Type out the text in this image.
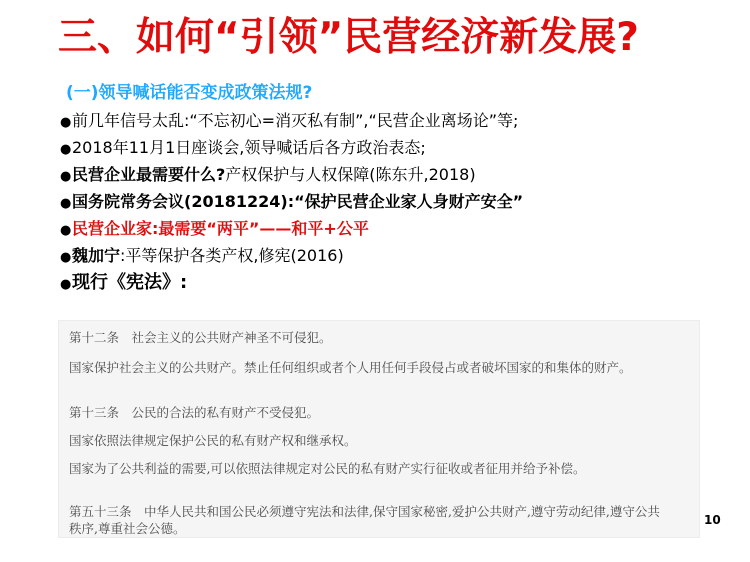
三、如何“引领”民营经济新发展?
(一)领导喊话能否变成政策法规?
●前几年信号太乱:“不忘初心=消灭私有制”,“民营企业离场论”等;
●2018年11月1日座谈会,领导喊话后各方政治表态;
●民营企业最需要什么?产权保护与人权保障(陈东升,2018)
●国务院常务会议(20181224):“保护民营企业家人身财产安全”
●民营企业家:最需要“两平”——和平+公平
●魏加宁:平等保护各类产权,修宪(2016)
●现行《宪法》:

第十二条　社会主义的公共财产神圣不可侵犯。

国家保护社会主义的公共财产。禁止任何组织或者个人用任何手段侵占或者破坏国家的和集体的财产。

第十三条　公民的合法的私有财产不受侵犯。

国家依照法律规定保护公民的私有财产权和继承权。

国家为了公共利益的需要,可以依照法律规定对公民的私有财产实行征收或者征用并给予补偿。

第五十三条　中华人民共和国公民必须遵守宪法和法律,保守国家秘密,爱护公共财产,遵守劳动纪律,遵守公共秩序,尊重社会公德。

10
